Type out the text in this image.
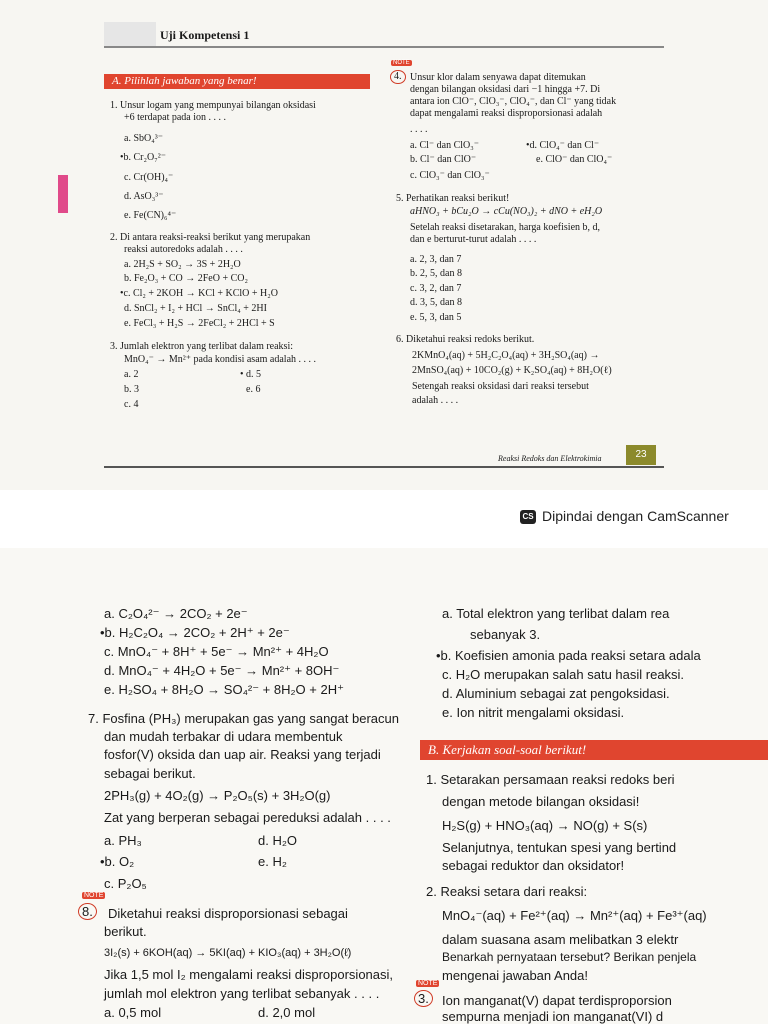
Uji Kompetensi 1
A. Pilihlah jawaban yang benar!
1. Unsur logam yang mempunyai bilangan oksidasi
+6 terdapat pada ion . . . .
a. SbO₄³⁻
•b. Cr₂O₇²⁻
c. Cr(OH)₄⁻
d. AsO₃³⁻
e. Fe(CN)₆⁴⁻
2. Di antara reaksi-reaksi berikut yang merupakan
reaksi autoredoks adalah . . . .
a. 2H₂S + SO₂ → 3S + 2H₂O
b. Fe₂O₃ + CO → 2FeO + CO₂
•c. Cl₂ + 2KOH → KCl + KClO + H₂O
d. SnCl₂ + I₂ + HCl → SnCl₄ + 2HI
e. FeCl₃ + H₂S → 2FeCl₂ + 2HCl + S
3. Jumlah elektron yang terlibat dalam reaksi:
MnO₄⁻ → Mn²⁺ pada kondisi asam adalah . . . .
a. 2	• d. 5
b. 3	e. 6
c. 4
NOTE
4. Unsur klor dalam senyawa dapat ditemukan
dengan bilangan oksidasi dari −1 hingga +7. Di
antara ion ClO⁻, ClO₃⁻, ClO₄⁻, dan Cl⁻ yang tidak
dapat mengalami reaksi disproporsionasi adalah
. . . .
a. Cl⁻ dan ClO₃⁻	•d. ClO₄⁻ dan Cl⁻
b. Cl⁻ dan ClO⁻	e. ClO⁻ dan ClO₄⁻
c. ClO₃⁻ dan ClO₃⁻
5. Perhatikan reaksi berikut!
aHNO₃ + bCu₂O → cCu(NO₃)₂ + dNO + eH₂O
Setelah reaksi disetarakan, harga koefisien b, d,
dan e berturut-turut adalah . . . .
a. 2, 3, dan 7
b. 2, 5, dan 8
c. 3, 2, dan 7
d. 3, 5, dan 8
e. 5, 3, dan 5
6. Diketahui reaksi redoks berikut.
2KMnO₄(aq) + 5H₂C₂O₄(aq) + 3H₂SO₄(aq) →
2MnSO₄(aq) + 10CO₂(g) + K₂SO₄(aq) + 8H₂O(ℓ)
Setengah reaksi oksidasi dari reaksi tersebut
adalah . . . .
Reaksi Redoks dan Elektrokimia	23
CS Dipindai dengan CamScanner
a. C₂O₄²⁻ → 2CO₂ + 2e⁻
•b. H₂C₂O₄ → 2CO₂ + 2H⁺ + 2e⁻
c. MnO₄⁻ + 8H⁺ + 5e⁻ → Mn²⁺ + 4H₂O
d. MnO₄⁻ + 4H₂O + 5e⁻ → Mn²⁺ + 8OH⁻
e. H₂SO₄ + 8H₂O → SO₄²⁻ + 8H₂O + 2H⁺
7. Fosfina (PH₃) merupakan gas yang sangat beracun
dan mudah terbakar di udara membentuk
fosfor(V) oksida dan uap air. Reaksi yang terjadi
sebagai berikut.
2PH₃(g) + 4O₂(g) → P₂O₅(s) + 3H₂O(g)
Zat yang berperan sebagai pereduksi adalah . . . .
a. PH₃	d. H₂O
•b. O₂	e. H₂
c. P₂O₅
NOTE
8.	Diketahui reaksi disproporsionasi sebagai
berikut.
3I₂(s) + 6KOH(aq) → 5KI(aq) + KIO₃(aq) + 3H₂O(ℓ)
Jika 1,5 mol I₂ mengalami reaksi disproporsionasi,
jumlah mol elektron yang terlibat sebanyak . . . .
a. 0,5 mol	d. 2,0 mol
a. Total elektron yang terlibat dalam rea
sebanyak 3.
•b. Koefisien amonia pada reaksi setara adala
c. H₂O merupakan salah satu hasil reaksi.
d. Aluminium sebagai zat pengoksidasi.
e. Ion nitrit mengalami oksidasi.
B. Kerjakan soal-soal berikut!
1. Setarakan persamaan reaksi redoks beri
dengan metode bilangan oksidasi!
H₂S(g) + HNO₃(aq) → NO(g) + S(s)
Selanjutnya, tentukan spesi yang bertind
sebagai reduktor dan oksidator!
2. Reaksi setara dari reaksi:
MnO₄⁻(aq) + Fe²⁺(aq) → Mn²⁺(aq) + Fe³⁺(aq)
dalam suasana asam melibatkan 3 elektr
Benarkah pernyataan tersebut? Berikan penjela
mengenai jawaban Anda!
NOTE
3.	Ion manganat(V) dapat terdisproporsion
sempurna menjadi ion manganat(VI) d
